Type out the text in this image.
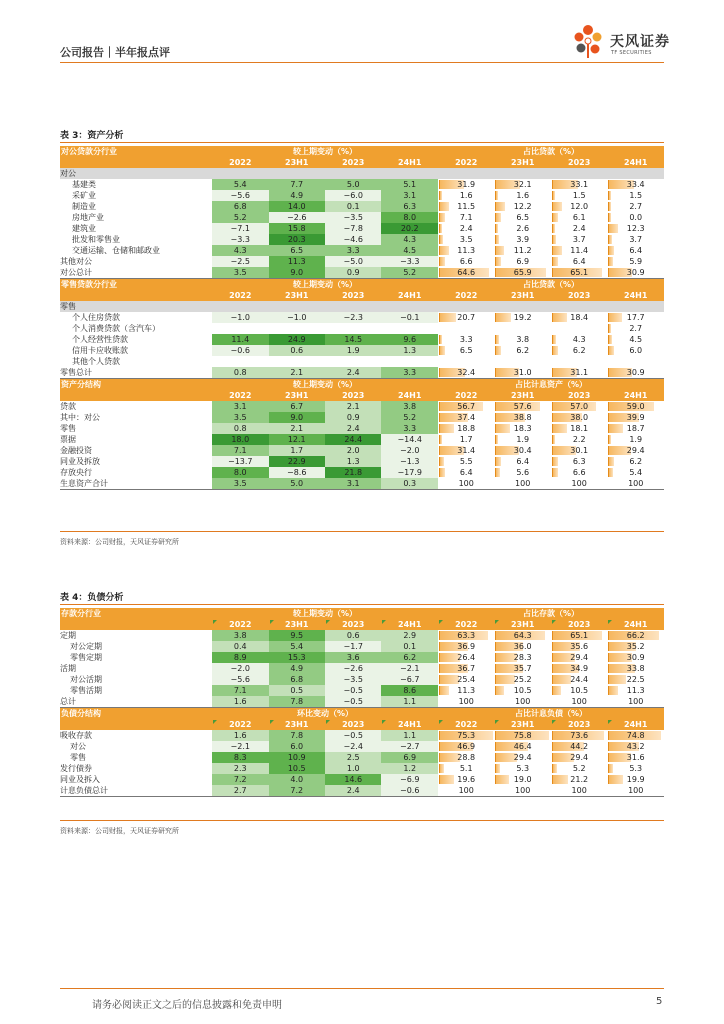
公司报告｜半年报点评
天风证券
TF SECURITIES
表 3：资产分析
对公贷款分行业	较上期变动（%）				占比贷款（%）			
	2022	23H1	2023	24H1	2022	23H1	2023	24H1
对公								
基建类	5.4	7.7	5.0	5.1	31.9	32.1	33.1	33.4
采矿业	−5.6	4.9	−6.0	3.1	1.6	1.6	1.5	1.5
制造业	6.8	14.0	0.1	6.3	11.5	12.2	12.0	2.7
房地产业	5.2	−2.6	−3.5	8.0	7.1	6.5	6.1	0.0
建筑业	−7.1	15.8	−7.8	20.2	2.4	2.6	2.4	12.3
批发和零售业	−3.3	20.3	−4.6	4.3	3.5	3.9	3.7	3.7
交通运输、仓储和邮政业	4.3	6.5	3.3	4.5	11.3	11.2	11.4	6.4
其他对公	−2.5	11.3	−5.0	−3.3	6.6	6.9	6.4	5.9
对公总计	3.5	9.0	0.9	5.2	64.6	65.9	65.1	30.9
零售贷款分行业	较上期变动（%）				占比贷款（%）			
	2022	23H1	2023	24H1	2022	23H1	2023	24H1
零售								
个人住房贷款	−1.0	−1.0	−2.3	−0.1	20.7	19.2	18.4	17.7
个人消费贷款（含汽车）								2.7
个人经营性贷款	11.4	24.9	14.5	9.6	3.3	3.8	4.3	4.5
信用卡应收账款	−0.6	0.6	1.9	1.3	6.5	6.2	6.2	6.0
其他个人贷款								
零售总计	0.8	2.1	2.4	3.3	32.4	31.0	31.1	30.9
资产分结构	较上期变动（%）				占比计息资产（%）			
	2022	23H1	2023	24H1	2022	23H1	2023	24H1
贷款	3.1	6.7	2.1	3.8	56.7	57.6	57.0	59.0
其中：对公	3.5	9.0	0.9	5.2	37.4	38.8	38.0	39.9
零售	0.8	2.1	2.4	3.3	18.8	18.3	18.1	18.7
票据	18.0	12.1	24.4	−14.4	1.7	1.9	2.2	1.9
金融投资	7.1	1.7	2.0	−2.0	31.4	30.4	30.1	29.4
同业及拆放	−13.7	22.9	1.3	−1.3	5.5	6.4	6.3	6.2
存放央行	8.0	−8.6	21.8	−17.9	6.4	5.6	6.6	5.4
生息资产合计	3.5	5.0	3.1	0.3	100	100	100	100
资料来源：公司财报，天风证券研究所
表 4：负债分析
存款分行业	较上期变动（%）				占比存款（%）			
	2022	23H1	2023	24H1	2022	23H1	2023	24H1
定期	3.8	9.5	0.6	2.9	63.3	64.3	65.1	66.2
对公定期	0.4	5.4	−1.7	0.1	36.9	36.0	35.6	35.2
零售定期	8.9	15.3	3.6	6.2	26.4	28.3	29.4	30.9
活期	−2.0	4.9	−2.6	−2.1	36.7	35.7	34.9	33.8
对公活期	−5.6	6.8	−3.5	−6.7	25.4	25.2	24.4	22.5
零售活期	7.1	0.5	−0.5	8.6	11.3	10.5	10.5	11.3
总计	1.6	7.8	−0.5	1.1	100	100	100	100
负债分结构	环比变动（%）				占比计息负债（%）			
	2022	23H1	2023	24H1	2022	23H1	2023	24H1
吸收存款	1.6	7.8	−0.5	1.1	75.3	75.8	73.6	74.8
对公	−2.1	6.0	−2.4	−2.7	46.9	46.4	44.2	43.2
零售	8.3	10.9	2.5	6.9	28.8	29.4	29.4	31.6
发行债券	2.3	10.5	1.0	1.2	5.1	5.3	5.2	5.3
同业及拆入	7.2	4.0	14.6	−6.9	19.6	19.0	21.2	19.9
计息负债总计	2.7	7.2	2.4	−0.6	100	100	100	100
资料来源：公司财报，天风证券研究所
请务必阅读正文之后的信息披露和免责申明	5
